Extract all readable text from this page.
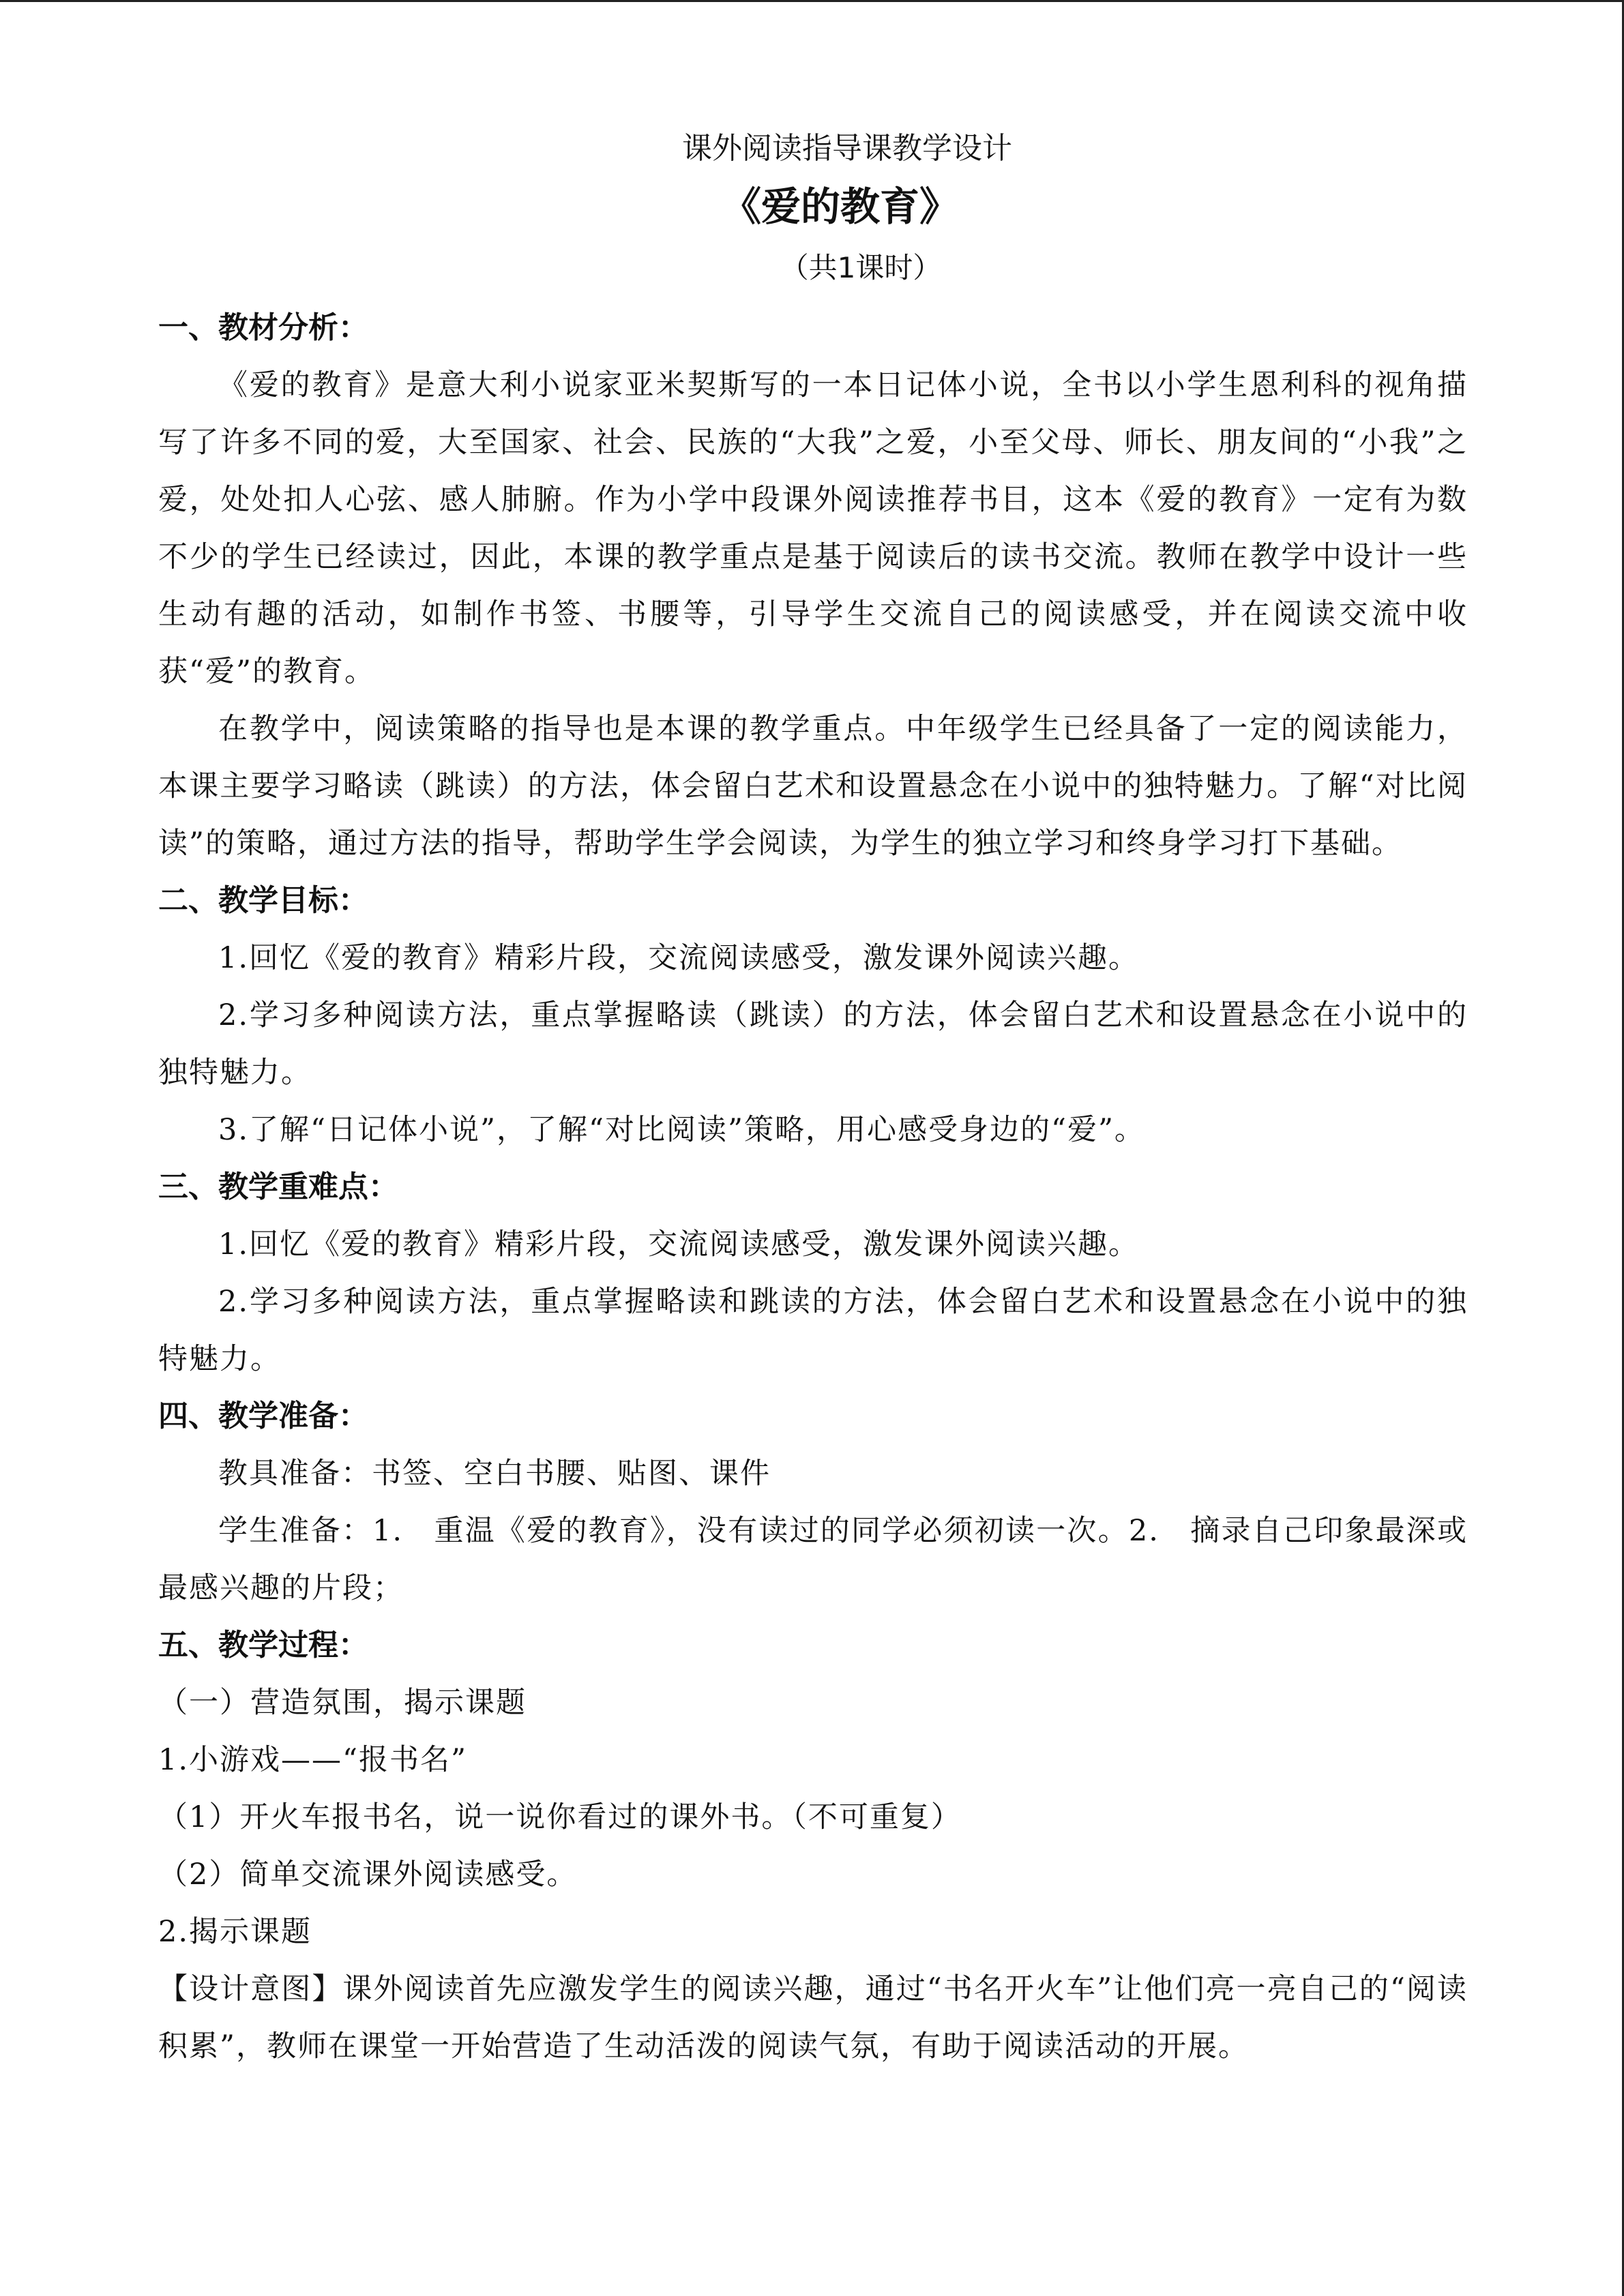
课外阅读指导课教学设计
《爱的教育》
（共1课时）
一、教材分析：

《爱的教育》是意大利小说家亚米契斯写的一本日记体小说，全书以小学生恩利科的视角描写了许多不同的爱，大至国家、社会、民族的“大我”之爱，小至父母、师长、朋友间的“小我”之爱，处处扣人心弦、感人肺腑。作为小学中段课外阅读推荐书目，这本《爱的教育》一定有为数不少的学生已经读过，因此，本课的教学重点是基于阅读后的读书交流。教师在教学中设计一些生动有趣的活动，如制作书签、书腰等，引导学生交流自己的阅读感受，并在阅读交流中收获“爱”的教育。

在教学中，阅读策略的指导也是本课的教学重点。中年级学生已经具备了一定的阅读能力，本课主要学习略读（跳读）的方法，体会留白艺术和设置悬念在小说中的独特魅力。了解“对比阅读”的策略，通过方法的指导，帮助学生学会阅读，为学生的独立学习和终身学习打下基础。

二、教学目标：

1.回忆《爱的教育》精彩片段，交流阅读感受，激发课外阅读兴趣。

2.学习多种阅读方法，重点掌握略读（跳读）的方法，体会留白艺术和设置悬念在小说中的独特魅力。

3.了解“日记体小说”，了解“对比阅读”策略，用心感受身边的“爱”。

三、教学重难点：

1.回忆《爱的教育》精彩片段，交流阅读感受，激发课外阅读兴趣。

2.学习多种阅读方法，重点掌握略读和跳读的方法，体会留白艺术和设置悬念在小说中的独特魅力。

四、教学准备：

教具准备：书签、空白书腰、贴图、课件

学生准备：1.　重温《爱的教育》，没有读过的同学必须初读一次。2.　摘录自己印象最深或最感兴趣的片段；

五、教学过程：

（一）营造氛围，揭示课题

1.小游戏——“报书名”

（1）开火车报书名，说一说你看过的课外书。（不可重复）

（2）简单交流课外阅读感受。

2.揭示课题

【设计意图】课外阅读首先应激发学生的阅读兴趣，通过“书名开火车”让他们亮一亮自己的“阅读积累”，教师在课堂一开始营造了生动活泼的阅读气氛，有助于阅读活动的开展。
